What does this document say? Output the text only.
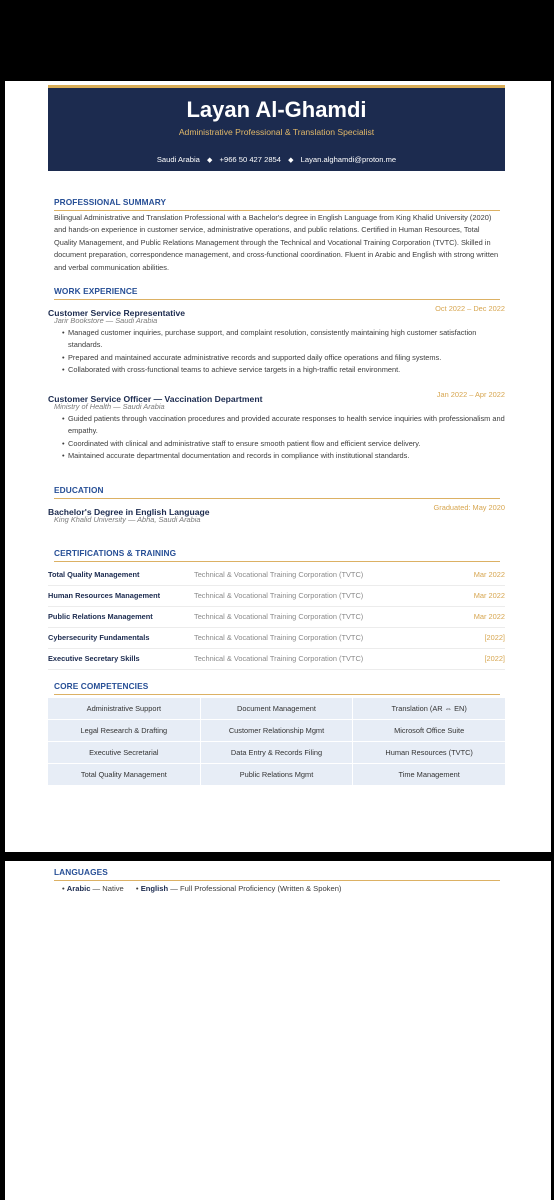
Layan Al-Ghamdi
Administrative Professional & Translation Specialist
Saudi Arabia ◆ +966 50 427 2854 ◆ Layan.alghamdi@proton.me
PROFESSIONAL SUMMARY
Bilingual Administrative and Translation Professional with a Bachelor's degree in English Language from King Khalid University (2020) and hands-on experience in customer service, administrative operations, and public relations. Certified in Human Resources, Total Quality Management, and Public Relations Management through the Technical and Vocational Training Corporation (TVTC). Skilled in document preparation, correspondence management, and cross-functional coordination. Fluent in Arabic and English with strong written and verbal communication abilities.
WORK EXPERIENCE
Customer Service Representative	Oct 2022 – Dec 2022
Jarir Bookstore — Saudi Arabia
• Managed customer inquiries, purchase support, and complaint resolution, consistently maintaining high customer satisfaction standards.
• Prepared and maintained accurate administrative records and supported daily office operations and filing systems.
• Collaborated with cross-functional teams to achieve service targets in a high-traffic retail environment.
Customer Service Officer — Vaccination Department	Jan 2022 – Apr 2022
Ministry of Health — Saudi Arabia
• Guided patients through vaccination procedures and provided accurate responses to health service inquiries with professionalism and empathy.
• Coordinated with clinical and administrative staff to ensure smooth patient flow and efficient service delivery.
• Maintained accurate departmental documentation and records in compliance with institutional standards.
EDUCATION
Bachelor's Degree in English Language	Graduated: May 2020
King Khalid University — Abha, Saudi Arabia
CERTIFICATIONS & TRAINING
Total Quality Management	Technical & Vocational Training Corporation (TVTC)	Mar 2022
Human Resources Management	Technical & Vocational Training Corporation (TVTC)	Mar 2022
Public Relations Management	Technical & Vocational Training Corporation (TVTC)	Mar 2022
Cybersecurity Fundamentals	Technical & Vocational Training Corporation (TVTC)	[2022]
Executive Secretary Skills	Technical & Vocational Training Corporation (TVTC)	[2022]
CORE COMPETENCIES
Administrative Support	Document Management	Translation (AR ⇔ EN)
Legal Research & Drafting	Customer Relationship Mgmt	Microsoft Office Suite
Executive Secretarial	Data Entry & Records Filing	Human Resources (TVTC)
Total Quality Management	Public Relations Mgmt	Time Management
LANGUAGES
• Arabic — Native • English — Full Professional Proficiency (Written & Spoken)
